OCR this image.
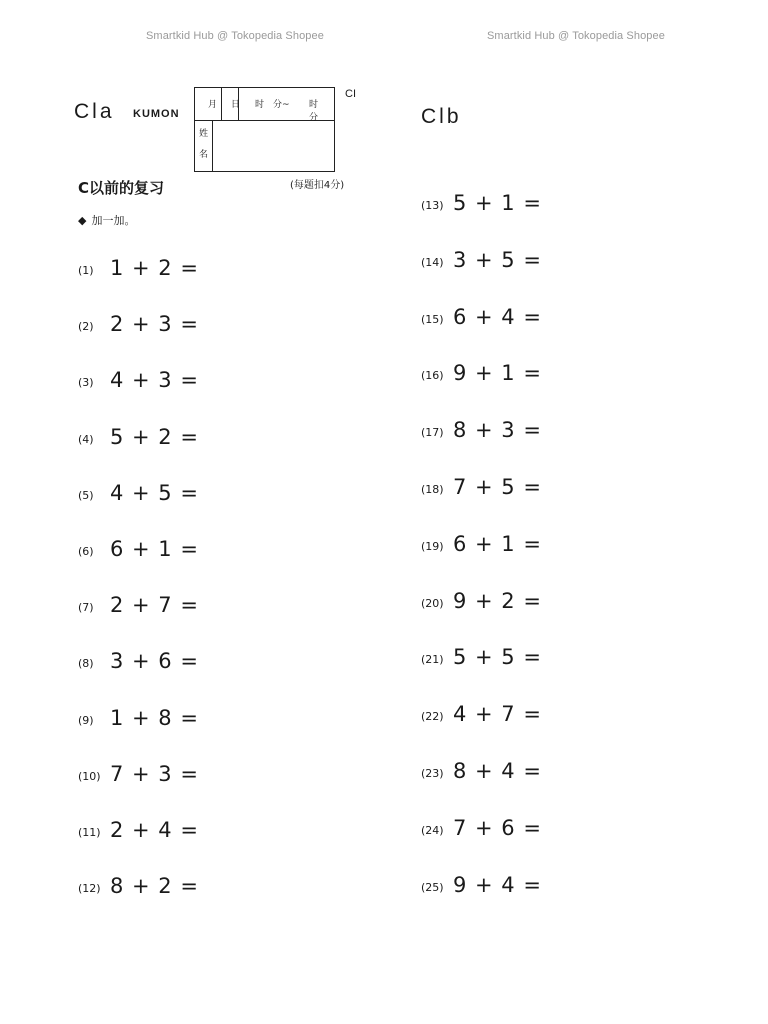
Smartkid Hub @ Tokopedia Shopee	Smartkid Hub @ Tokopedia Shopee
Cla KUMON	Clb
月 日 时　分~ 时　分
姓
名
CI
C以前的复习	(每题扣4分)
◆ 加一加。
(1) 1 + 2 =
(2) 2 + 3 =
(3) 4 + 3 =
(4) 5 + 2 =
(5) 4 + 5 =
(6) 6 + 1 =
(7) 2 + 7 =
(8) 3 + 6 =
(9) 1 + 8 =
(10) 7 + 3 =
(11) 2 + 4 =
(12) 8 + 2 =
(13) 5 + 1 =
(14) 3 + 5 =
(15) 6 + 4 =
(16) 9 + 1 =
(17) 8 + 3 =
(18) 7 + 5 =
(19) 6 + 1 =
(20) 9 + 2 =
(21) 5 + 5 =
(22) 4 + 7 =
(23) 8 + 4 =
(24) 7 + 6 =
(25) 9 + 4 =
